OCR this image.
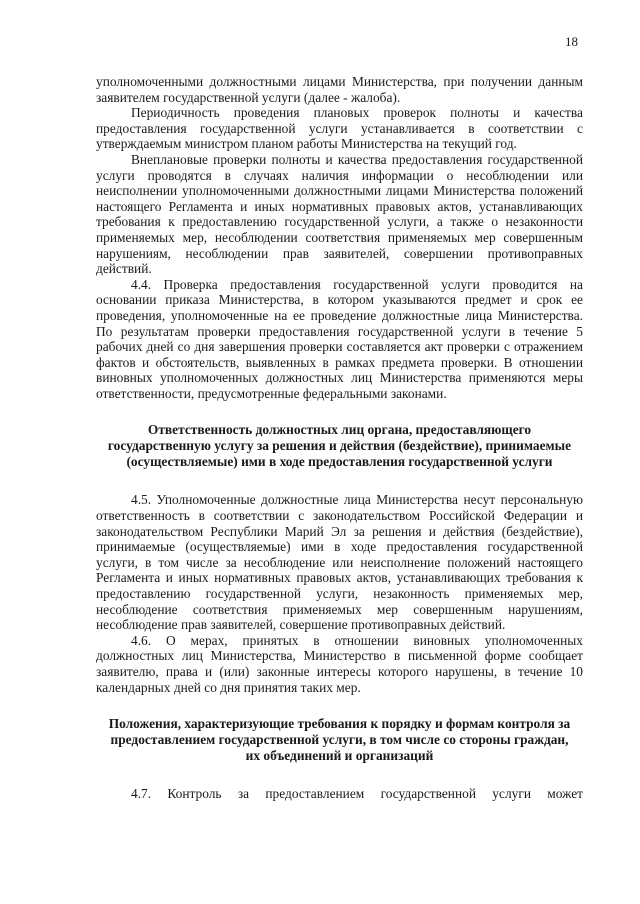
18

уполномоченными должностными лицами Министерства, при получении данным заявителем государственной услуги (далее - жалоба).

Периодичность проведения плановых проверок полноты и качества предоставления государственной услуги устанавливается в соответствии с утверждаемым министром планом работы Министерства на текущий год.

Внеплановые проверки полноты и качества предоставления государственной услуги проводятся в случаях наличия информации о несоблюдении или неисполнении уполномоченными должностными лицами Министерства положений настоящего Регламента и иных нормативных правовых актов, устанавливающих требования к предоставлению государственной услуги, а также о незаконности применяемых мер, несоблюдении соответствия применяемых мер совершенным нарушениям, несоблюдении прав заявителей, совершении противоправных действий.

4.4. Проверка предоставления государственной услуги проводится на основании приказа Министерства, в котором указываются предмет и срок ее проведения, уполномоченные на ее проведение должностные лица Министерства. По результатам проверки предоставления государственной услуги в течение 5 рабочих дней со дня завершения проверки составляется акт проверки с отражением фактов и обстоятельств, выявленных в рамках предмета проверки. В отношении виновных уполномоченных должностных лиц Министерства применяются меры ответственности, предусмотренные федеральными законами.

Ответственность должностных лиц органа, предоставляющего государственную услугу за решения и действия (бездействие), принимаемые (осуществляемые) ими в ходе предоставления государственной услуги

4.5. Уполномоченные должностные лица Министерства несут персональную ответственность в соответствии с законодательством Российской Федерации и законодательством Республики Марий Эл за решения и действия (бездействие), принимаемые (осуществляемые) ими в ходе предоставления государственной услуги, в том числе за несоблюдение или неисполнение положений настоящего Регламента и иных нормативных правовых актов, устанавливающих требования к предоставлению государственной услуги, незаконность применяемых мер, несоблюдение соответствия применяемых мер совершенным нарушениям, несоблюдение прав заявителей, совершение противоправных действий.

4.6. О мерах, принятых в отношении виновных уполномоченных должностных лиц Министерства, Министерство в письменной форме сообщает заявителю, права и (или) законные интересы которого нарушены, в течение 10 календарных дней со дня принятия таких мер.

Положения, характеризующие требования к порядку и формам контроля за предоставлением государственной услуги, в том числе со стороны граждан, их объединений и организаций

4.7. Контроль за предоставлением государственной услуги может
